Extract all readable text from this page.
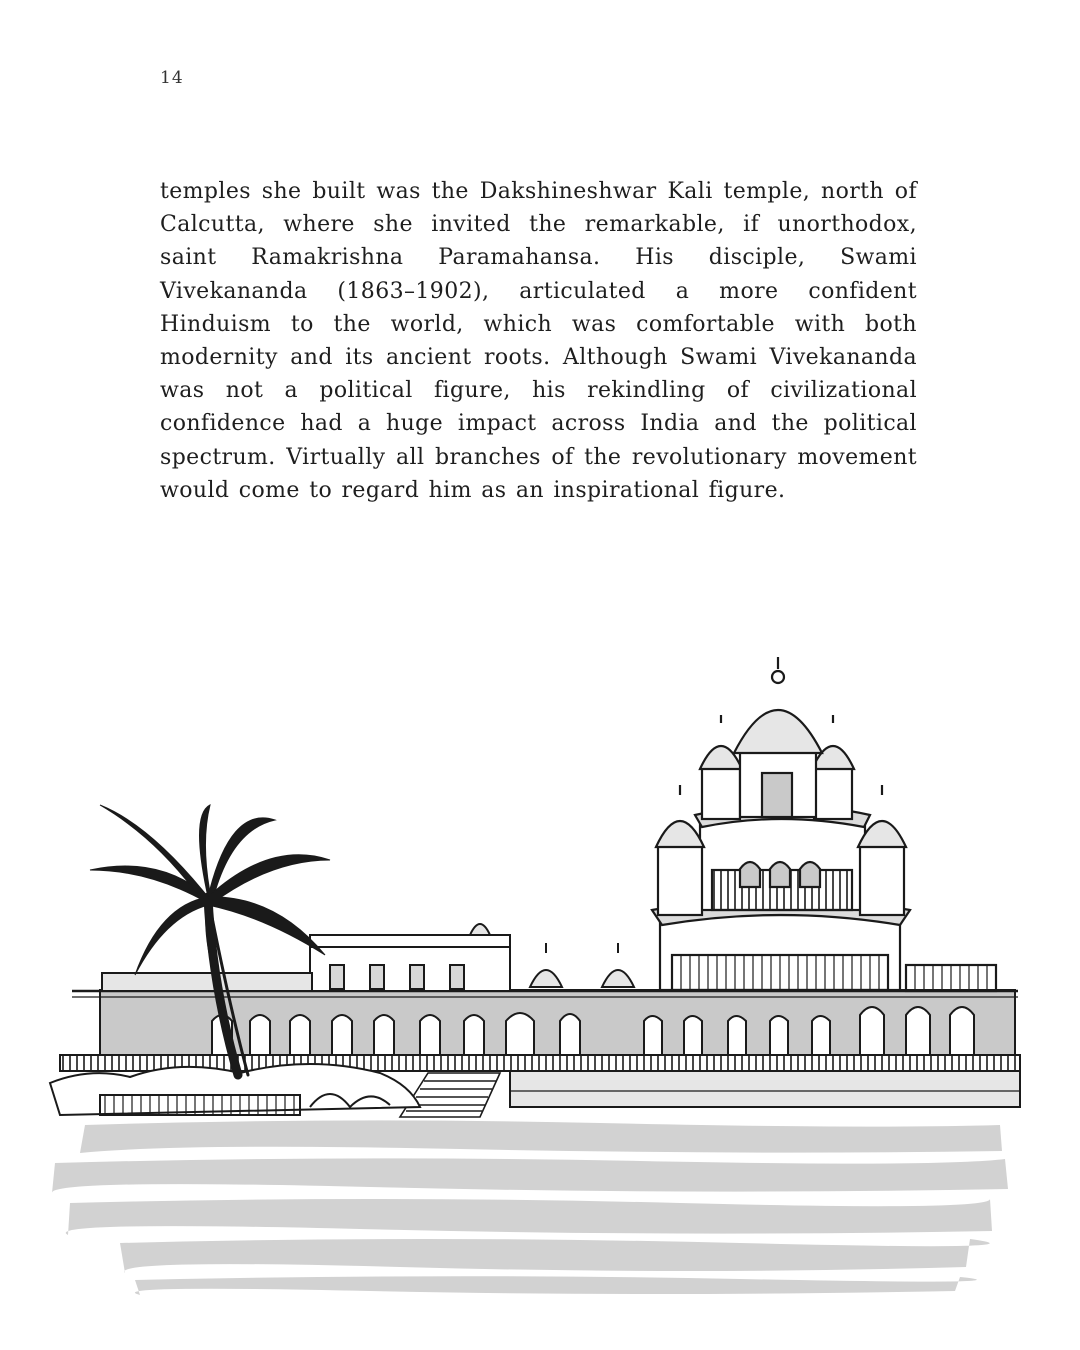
14
temples she built was the Dakshineshwar Kali temple, north of Calcutta, where she invited the remarkable, if unorthodox, saint Ramakrishna Paramahansa. His disciple, Swami Vivekananda (1863–1902), articulated a more confident Hinduism to the world, which was comfortable with both modernity and its ancient roots. Although Swami Vivekananda was not a political figure, his rekindling of civilizational confidence had a huge impact across India and the political spectrum. Virtually all branches of the revolutionary movement would come to regard him as an inspirational figure.
